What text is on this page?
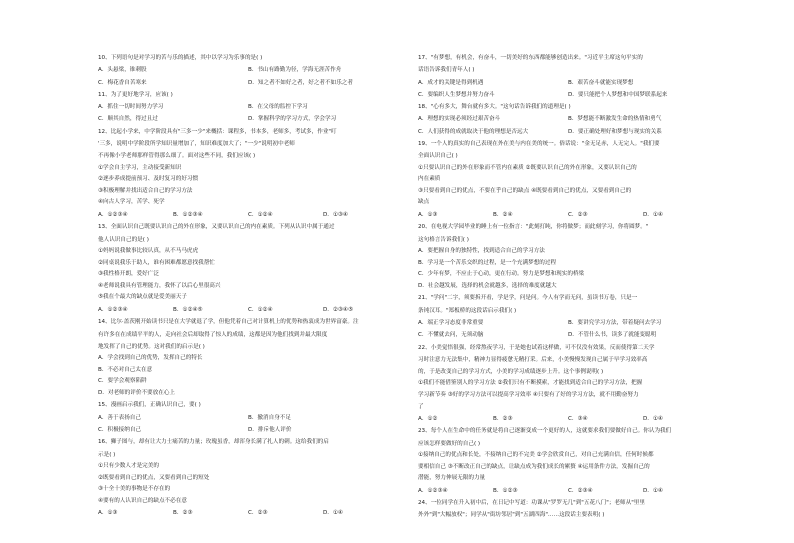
10、下列语句是对学习的苦与乐的描述，其中以学习为乐事的是( )
A．头悬梁，锥刺股	B．书山有路勤为径，学海无涯苦作舟
C．梅花香自苦寒来	D．知之者不如好之者，好之者不如乐之者
11、为了更好地学习，应该( )
A．抓住一切时间努力学习	B．在父母的监控下学习
C．顺其自然，得过且过	D．掌握科学的学习方式，学会学习
12、比起小学来，中学阶段具有"三多一少"来概括：课程多，书本多，老师多，考试多，作业"叮
'三多，说明中学阶段所学知识量增加了，知识难度加大了；"一少"说明初中老师
不再像小学老师那样管得那么细了。面对这些不同，我们应该( )
①学会自主学习，主动接受新知识
②逐步养成提前预习、及时复习的好习惯
③积极理解并找出适合自己的学习方法
④向古人学习，苦学、死学
A．①②③④	B．①②③④	C．①②④	D．①③④
13、全面认识自己既要认识自己的外在形象，又要认识自己的内在素质。下列从认识中属于通过
他人认识自己的是( )
①妈妈说我做事比较认真，从不马马虎虎
②同桌说我乐于助人，谁有困难都愿意找我帮忙
③我性格开朗，爱好广泛
④老师说我具有管理能力，我怀了以后心里很高兴
⑤我在个最大的缺点就是爱美丽天子
A．①②③④	B．①②④⑤	C．①②④	D．②③④⑤
14、比尔·盖茨刚开始读书只是在大学就退了学，但他凭着自己对计算机上的优势和热衷成为世界富豪。注
有许多在在成绩平平的人，走向社会后却取得了惊人的成绩，这都是因为他们找到并最大限度
地发挥了自己的优势。这对我们的启示是( )
A．学会找到自己的优势，发挥自己的特长
B．不必对自己太在意
C．要学会观察陷阱
D．对老师的评价不要放在心上
15、漫画启示我们，正确认识自己，要( )
A．善于表扬自己	B．撤消自身不足
C．积极接纳自己	D．排斥他人评价
16、狮子图与，却有让大力士痛苦的力量；玫瑰虽香，却浑身长满了扎人的刺。这给我们的启
示是( )
①只有少数人才是完美的
②既要看到自己的优点，又要看到自己的短处
③十全十美的事物是不存在的
④要有的人认识自己的缺点不必在意
A．①③	B．②③	C．②③	D．①④
17、"有梦想，有机会，有奋斗，一切美好的东西都能够创造出来。"习近平主席这句平实的
话语告诉我们青年人( )
A．成才的关键是得到机遇	B．艰苦奋斗就能实现梦想
C．要编织人生梦想并努力奋斗	D．要只能把个人梦想和中国梦联系起来
18、"心有多大，舞台就有多大。"这句话告诉我们的道理是( )
A．理想的实现必须经过艰苦奋斗	B．梦想能不断激发生命的热情和勇气
C．人们获得的成就取决于他的理想是否远大	D．要正确处理好和梦想与现实的关系
19、一个人的真实的自己表现在外在美与内在美的统一。俗话说："金无足赤，人无完人。"我们要
全面认识自己( )
①只要认识自己的外在形象而不管内在素质 ②既要认识自己的外在形象，又要认识自己的
内在素质
③只要看到自己的优点，不要在乎自己的缺点 ④既要看到自己的优点，又要看到自己的
缺点
A．①③	B．②④	C．②③	D．①④
20、在电视大学园毕业的睡上有一位指言："此刻打盹，你将做梦；而此刻学习，你将圆梦。"
这句格言告诉我们( )
A．要把握自身的独特性，找到适合自己的学习方法
B．学习是一个苦乐交织的过程，是一个充满梦想的过程
C．少年有梦，不应止于心动，更在行动。努力是梦想和现实的桥梁
D．社会越发展，选择的机会就越多，选择的难度就越大
21、"学问"二字，须要拆开看，学是学，问是问。今人有学而无问，虽读书万卷，只是一
条钝汉耳。"郑板桥的这段话启示我们( )
A．端正学习态度非常重要	B．要讲究学习方法，带着疑问去学习
C．不懂就去问，无须动脑	D．不管什么书，读多了就能变聪明
22、小美觉悟很强，经常熬夜学习，于是她也试着这样做，可不仅没有效果，反而使得第二天学
习时注意力无法集中，精神力显得疲惫无精打采。后来，小美慢慢发现自己属于早学习效率高
的，于是改变自己的学习方式，小美的学习成绩逐步上升。这个事例说明( )
①我们不能借鉴别人的学习方法 ②我们只有不断摸索，才能找到适合自己的学习方法，把握
学习新节奏 ③好的学习方法可以提高学习效率 ④只要有了好的学习方法，就不用勤奋努力
了
A．①②	B．②③	C．③④	D．①④
23、每个人在生命中的任务就是将自己逐渐变成一个更好的人，这就要求我们要做好自己。你认为我们
应该怎样要做好的自己( )
①接纳自己的优点和长处，不接纳自己的不完美 ②学会欣赏自己，对自己充满自信，任何时候都
要相信自己 ③不断改正自己的缺点，让缺点成为我们成长的累赘 ④运用条件方法，发掘自己的
潜能，努力伸展无限的力量
A．①②③④	B．①②③	C．②③④	D．①④
24、一位同学在升入初中后，在日记中写道：功课从"罗罗无几"到"五花八门"；老师从"里里
外外"到"大幅放权"；同学从"街坊邻居"到"五湖四海"……这段话主要表明( )
